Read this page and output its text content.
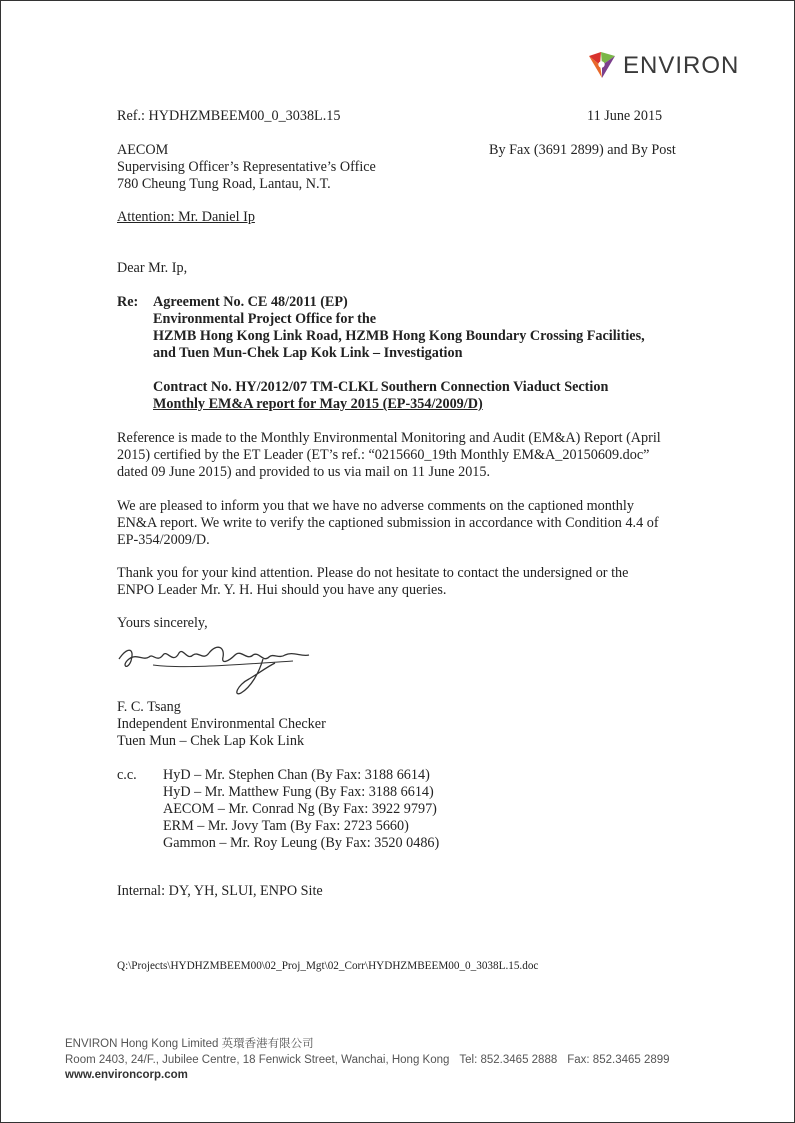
ENVIRON

Ref.: HYDHZMBEEM00_0_3038L.15	11 June 2015

AECOM
Supervising Officer’s Representative’s Office
780 Cheung Tung Road, Lantau, N.T.

By Fax (3691 2899) and By Post

Attention: Mr. Daniel Ip

Dear Mr. Ip,

Re: Agreement No. CE 48/2011 (EP)
Environmental Project Office for the
HZMB Hong Kong Link Road, HZMB Hong Kong Boundary Crossing Facilities,
and Tuen Mun-Chek Lap Kok Link – Investigation
Contract No. HY/2012/07 TM-CLKL Southern Connection Viaduct Section
Monthly EM&A report for May 2015 (EP-354/2009/D)

Reference is made to the Monthly Environmental Monitoring and Audit (EM&A) Report (April
2015) certified by the ET Leader (ET’s ref.: “0215660_19th Monthly EM&A_20150609.doc”
dated 09 June 2015) and provided to us via mail on 11 June 2015.

We are pleased to inform you that we have no adverse comments on the captioned monthly
EN&A report. We write to verify the captioned submission in accordance with Condition 4.4 of
EP-354/2009/D.

Thank you for your kind attention. Please do not hesitate to contact the undersigned or the
ENPO Leader Mr. Y. H. Hui should you have any queries.

Yours sincerely,

F. C. Tsang
Independent Environmental Checker
Tuen Mun – Chek Lap Kok Link

c.c. HyD – Mr. Stephen Chan (By Fax: 3188 6614)
HyD – Mr. Matthew Fung (By Fax: 3188 6614)
AECOM – Mr. Conrad Ng (By Fax: 3922 9797)
ERM – Mr. Jovy Tam (By Fax: 2723 5660)
Gammon – Mr. Roy Leung (By Fax: 3520 0486)

Internal: DY, YH, SLUI, ENPO Site

Q:\Projects\HYDHZMBEEM00\02_Proj_Mgt\02_Corr\HYDHZMBEEM00_0_3038L.15.doc

ENVIRON Hong Kong Limited 英環香港有限公司
Room 2403, 24/F., Jubilee Centre, 18 Fenwick Street, Wanchai, Hong Kong Tel: 852.3465 2888 Fax: 852.3465 2899
www.environcorp.com
